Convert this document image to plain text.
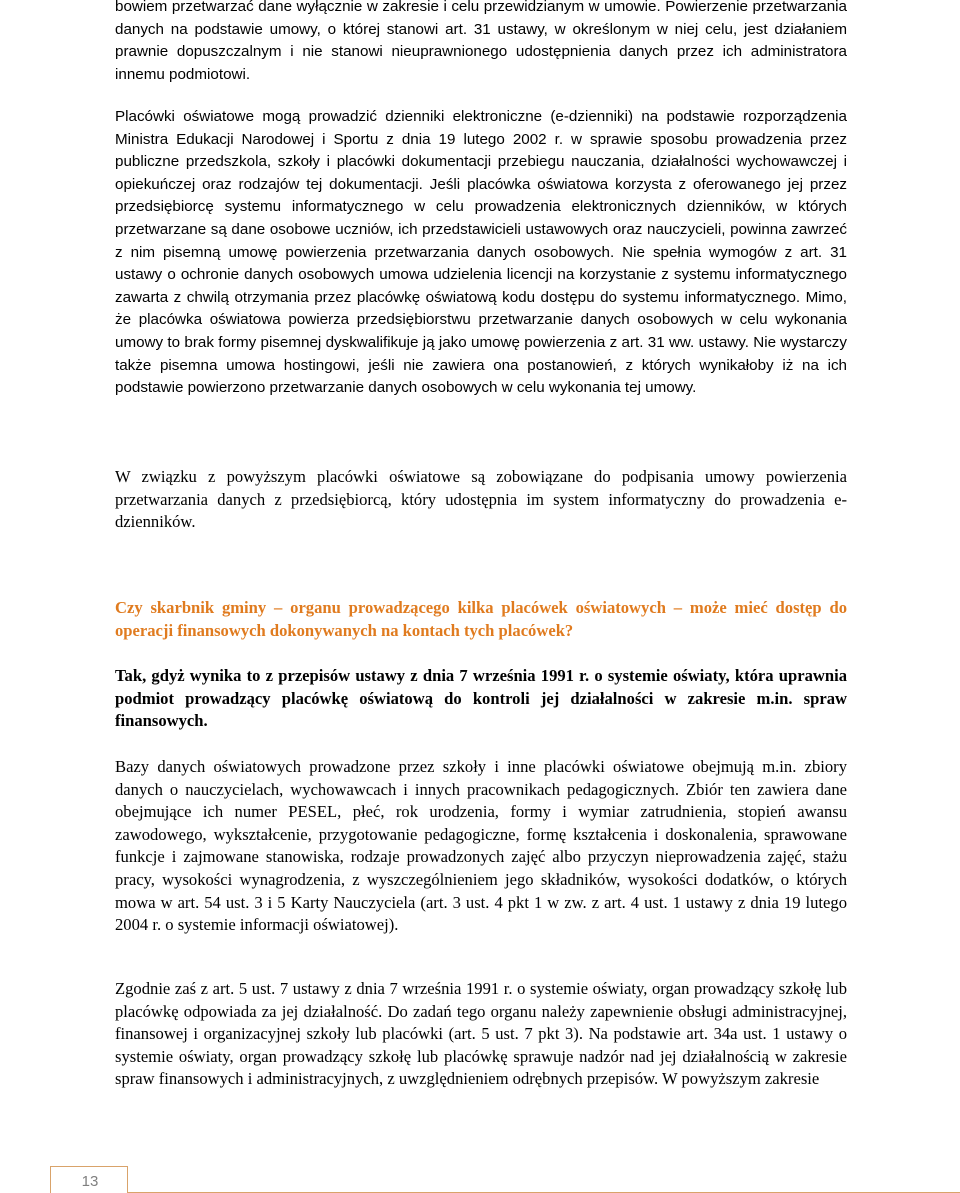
bowiem przetwarzać dane wyłącznie w zakresie i celu przewidzianym w umowie. Powierzenie przetwarzania danych na podstawie umowy, o której stanowi art. 31 ustawy, w określonym w niej celu, jest działaniem prawnie dopuszczalnym i nie stanowi nieuprawnionego udostępnienia danych przez ich administratora innemu podmiotowi.

Placówki oświatowe mogą prowadzić dzienniki elektroniczne (e-dzienniki) na podstawie rozporządzenia Ministra Edukacji Narodowej i Sportu z dnia 19 lutego 2002 r. w sprawie sposobu prowadzenia przez publiczne przedszkola, szkoły i placówki dokumentacji przebiegu nauczania, działalności wychowawczej i opiekuńczej oraz rodzajów tej dokumentacji. Jeśli placówka oświatowa korzysta z oferowanego jej przez przedsiębiorcę systemu informatycznego w celu prowadzenia elektronicznych dzienników, w których przetwarzane są dane osobowe uczniów, ich przedstawicieli ustawowych oraz nauczycieli, powinna zawrzeć z nim pisemną umowę powierzenia przetwarzania danych osobowych. Nie spełnia wymogów z art. 31 ustawy o ochronie danych osobowych umowa udzielenia licencji na korzystanie z systemu informatycznego zawarta z chwilą otrzymania przez placówkę oświatową kodu dostępu do systemu informatycznego. Mimo, że placówka oświatowa powierza przedsiębiorstwu przetwarzanie danych osobowych w celu wykonania umowy to brak formy pisemnej dyskwalifikuje ją jako umowę powierzenia z art. 31 ww. ustawy. Nie wystarczy także pisemna umowa hostingowi, jeśli nie zawiera ona postanowień, z których wynikałoby iż na ich podstawie powierzono przetwarzanie danych osobowych w celu wykonania tej umowy.

W związku z powyższym placówki oświatowe są zobowiązane do podpisania umowy powierzenia przetwarzania danych z przedsiębiorcą, który udostępnia im system informatyczny do prowadzenia e-dzienników.

Czy skarbnik gminy – organu prowadzącego kilka placówek oświatowych – może mieć dostęp do operacji finansowych dokonywanych na kontach tych placówek?

Tak, gdyż wynika to z przepisów ustawy z dnia 7 września 1991 r. o systemie oświaty, która uprawnia podmiot prowadzący placówkę oświatową do kontroli jej działalności w zakresie m.in. spraw finansowych.

Bazy danych oświatowych prowadzone przez szkoły i inne placówki oświatowe obejmują m.in. zbiory danych o nauczycielach, wychowawcach i innych pracownikach pedagogicznych. Zbiór ten zawiera dane obejmujące ich numer PESEL, płeć, rok urodzenia, formy i wymiar zatrudnienia, stopień awansu zawodowego, wykształcenie, przygotowanie pedagogiczne, formę kształcenia i doskonalenia, sprawowane funkcje i zajmowane stanowiska, rodzaje prowadzonych zajęć albo przyczyn nieprowadzenia zajęć, stażu pracy, wysokości wynagrodzenia, z wyszczególnieniem jego składników, wysokości dodatków, o których mowa w art. 54 ust. 3 i 5 Karty Nauczyciela (art. 3 ust. 4 pkt 1 w zw. z art. 4 ust. 1 ustawy z dnia 19 lutego 2004 r. o systemie informacji oświatowej).

Zgodnie zaś z art. 5 ust. 7 ustawy z dnia 7 września 1991 r. o systemie oświaty, organ prowadzący szkołę lub placówkę odpowiada za jej działalność. Do zadań tego organu należy zapewnienie obsługi administracyjnej, finansowej i organizacyjnej szkoły lub placówki (art. 5 ust. 7 pkt 3). Na podstawie art. 34a ust. 1 ustawy o systemie oświaty, organ prowadzący szkołę lub placówkę sprawuje nadzór nad jej działalnością w zakresie spraw finansowych i administracyjnych, z uwzględnieniem odrębnych przepisów. W powyższym zakresie

13
